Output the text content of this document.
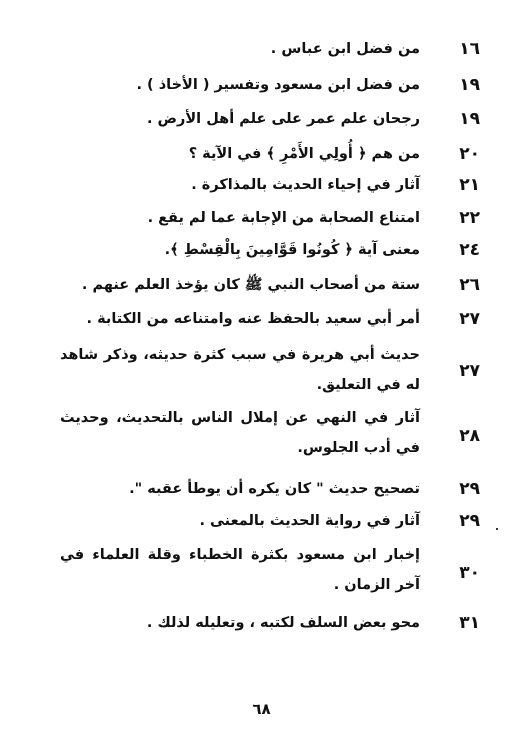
١٦
من فضل ابن عباس .
١٩
من فضل ابن مسعود وتفسير ( الأخاذ ) .
١٩
رجحان علم عمر على علم أهل الأرض .
٢٠
من هم ﴿ أُولِي الأَمْرِ ﴾ في الآية ؟
٢١
آثار في إحياء الحديث بالمذاكرة .
٢٢
امتناع الصحابة من الإجابة عما لم يقع .
٢٤
معنى آية ﴿ كُونُوا قَوَّامِينَ بِالْقِسْطِ ﴾.
٢٦
ستة من أصحاب النبي ﷺ كان يؤخذ العلم عنهم .
٢٧
أمر أبي سعيد بالحفظ عنه وامتناعه من الكتابة .
٢٧
حديث أبي هريرة في سبب كثرة حديثه، وذكر شاهد له في التعليق.
٢٨
آثار في النهي عن إملال الناس بالتحديث، وحديث في أدب الجلوس.
٢٩
تصحيح حديث " كان يكره أن يوطأ عقبه ".
٢٩
آثار في رواية الحديث بالمعنى .
٣٠
إخبار ابن مسعود بكثرة الخطباء وقلة العلماء في آخر الزمان .
٣١
محو بعض السلف لكتبه ، وتعليله لذلك .
٦٨
